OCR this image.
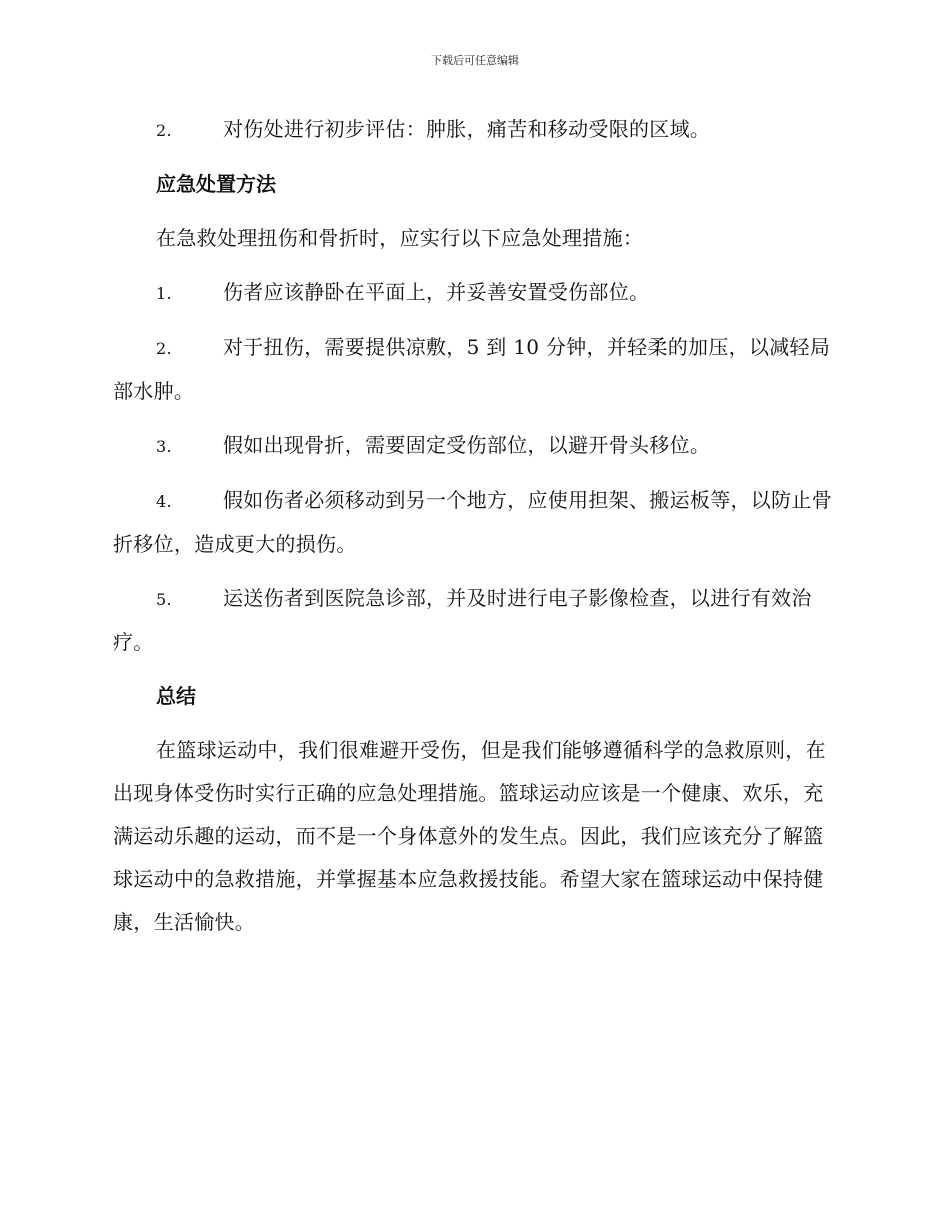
下载后可任意编辑

2.	对伤处进行初步评估：肿胀，痛苦和移动受限的区域。

应急处置方法

在急救处理扭伤和骨折时，应实行以下应急处理措施：

1.	伤者应该静卧在平面上，并妥善安置受伤部位。

2.	对于扭伤，需要提供凉敷，5 到 10 分钟，并轻柔的加压，以减轻局部水肿。

3.	假如出现骨折，需要固定受伤部位，以避开骨头移位。

4.	假如伤者必须移动到另一个地方，应使用担架、搬运板等，以防止骨折移位，造成更大的损伤。

5.	运送伤者到医院急诊部，并及时进行电子影像检查，以进行有效治疗。

总结

在篮球运动中，我们很难避开受伤，但是我们能够遵循科学的急救原则，在出现身体受伤时实行正确的应急处理措施。篮球运动应该是一个健康、欢乐，充满运动乐趣的运动，而不是一个身体意外的发生点。因此，我们应该充分了解篮球运动中的急救措施，并掌握基本应急救援技能。希望大家在篮球运动中保持健康，生活愉快。
